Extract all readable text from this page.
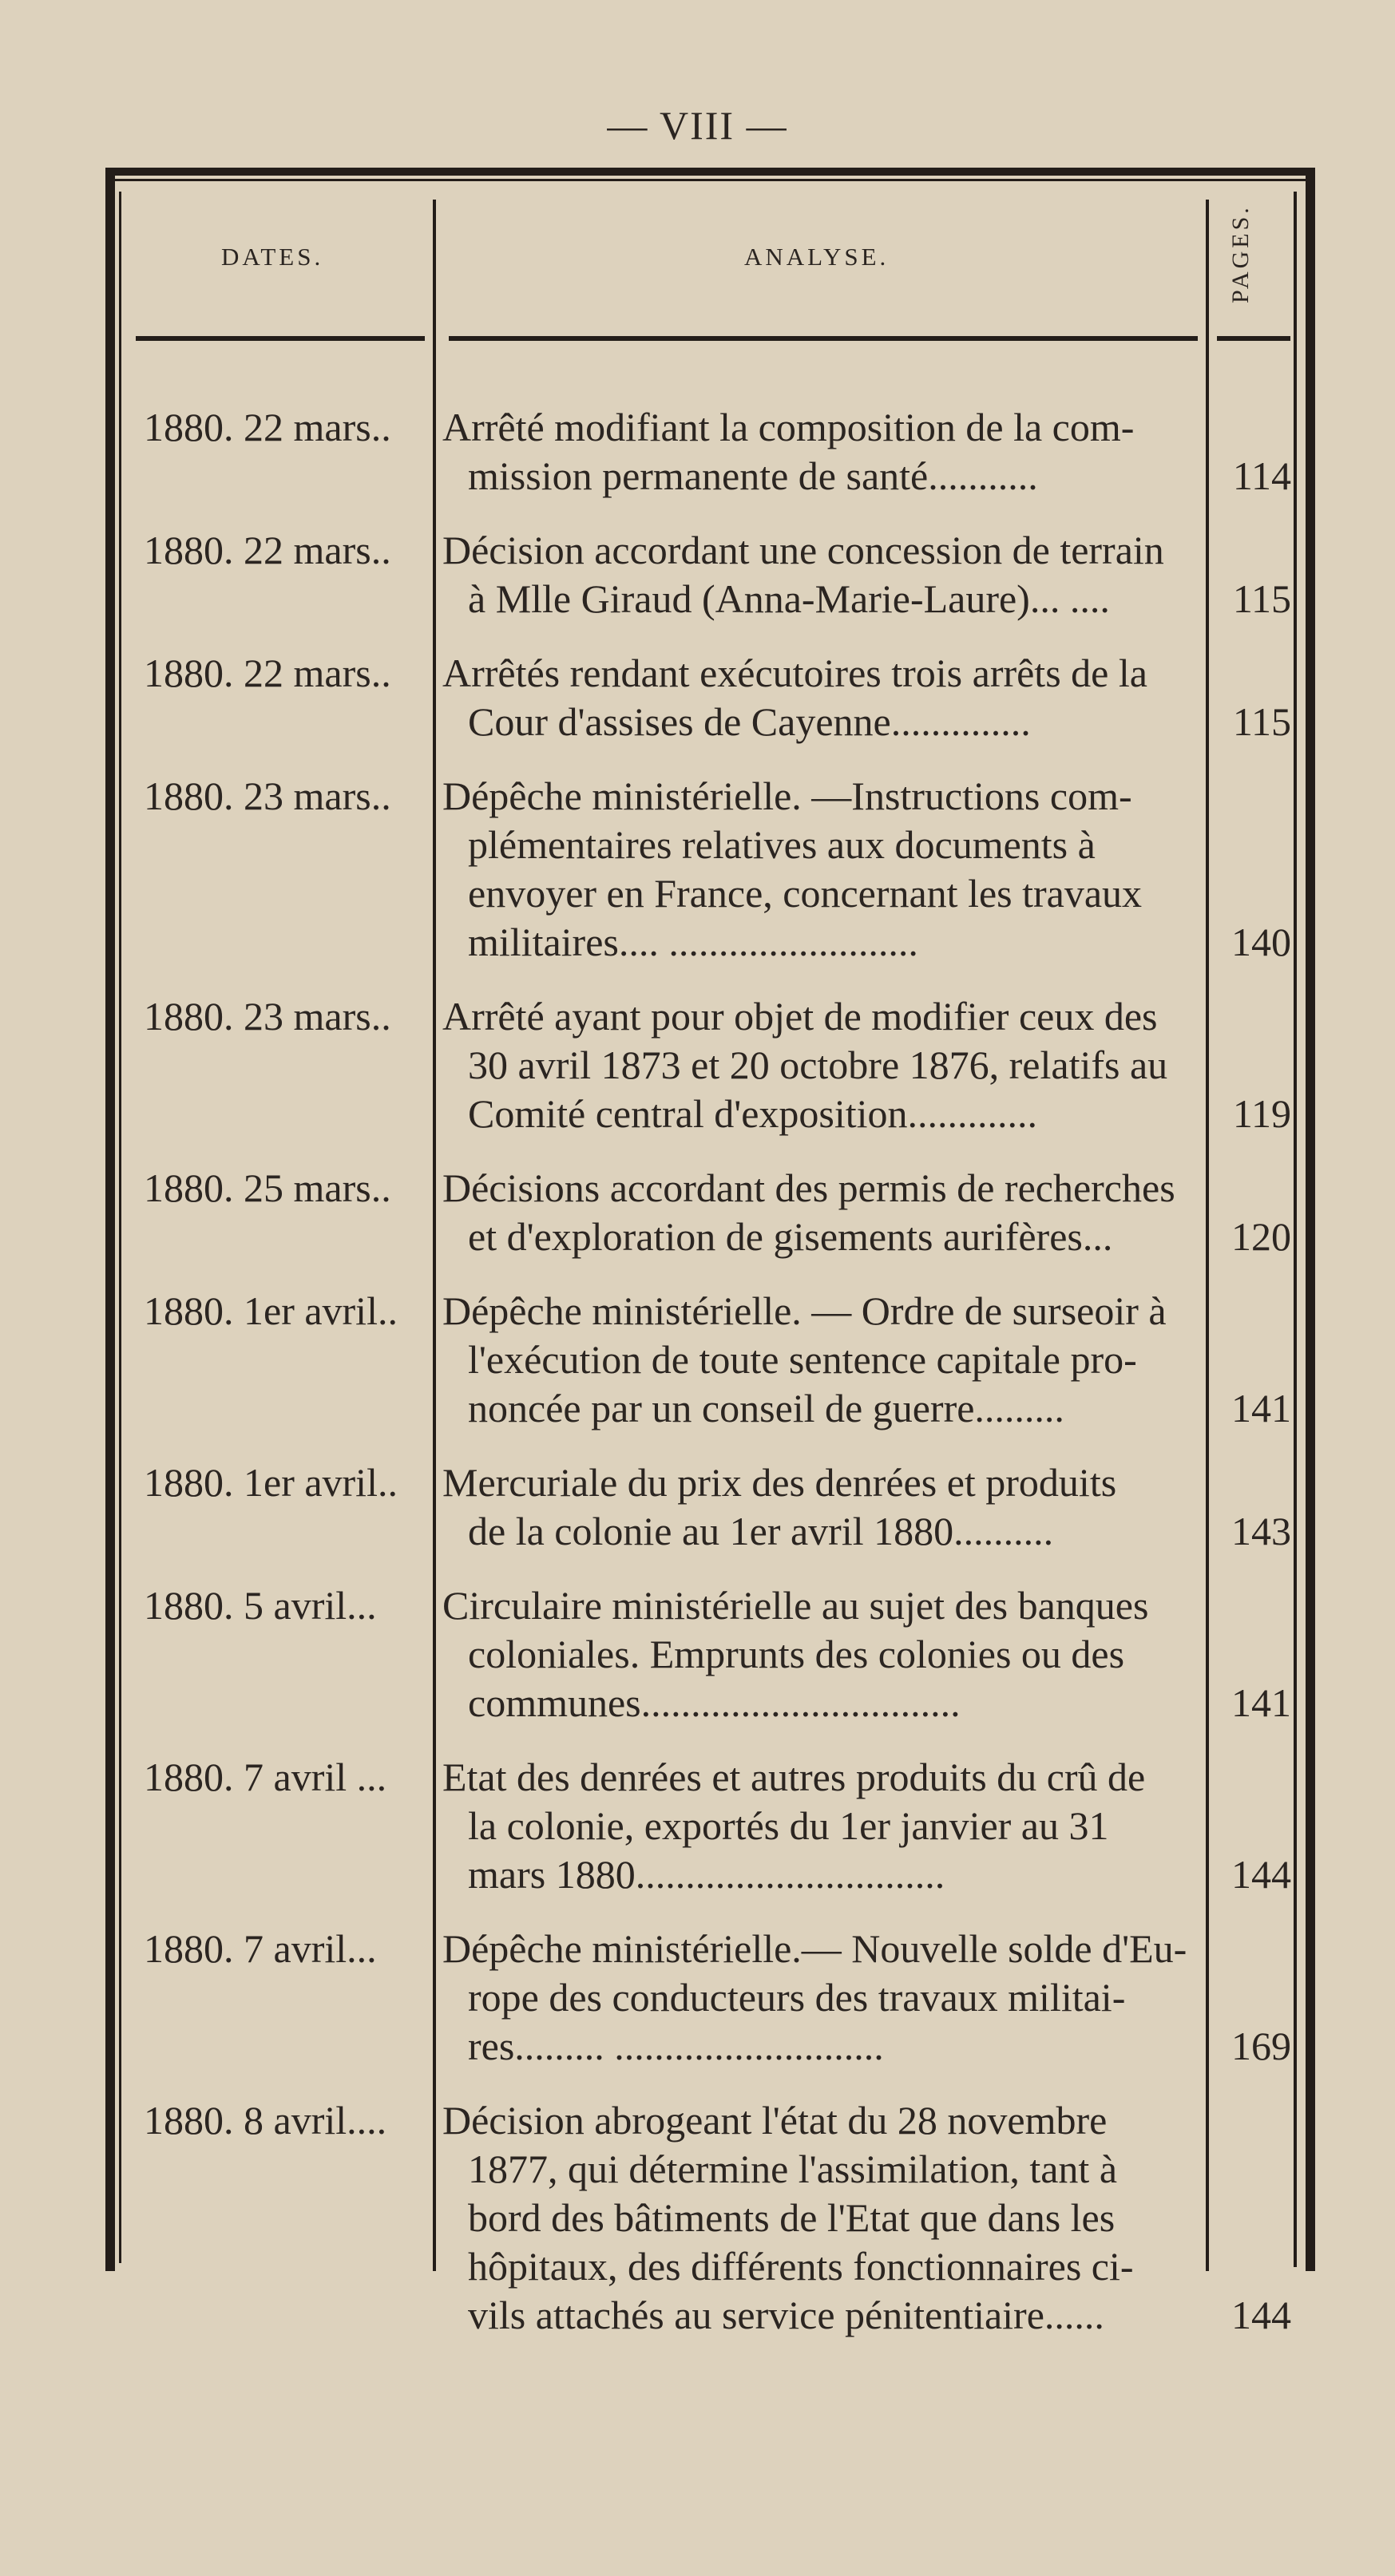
— VIII —
DATES.	ANALYSE.	PAGES.
1880. 22 mars..	Arrêté modifiant la composition de la com-
mission permanente de santé...........	114
1880. 22 mars..	Décision accordant une concession de terrain
à Mlle Giraud (Anna-Marie-Laure)... ....	115
1880. 22 mars..	Arrêtés rendant exécutoires trois arrêts de la
Cour d'assises de Cayenne..............	115
1880. 23 mars..	Dépêche ministérielle. —Instructions com-
plémentaires relatives aux documents à
envoyer en France, concernant les travaux
militaires.... .........................	140
1880. 23 mars..	Arrêté ayant pour objet de modifier ceux des
30 avril 1873 et 20 octobre 1876, relatifs au
Comité central d'exposition.............	119
1880. 25 mars..	Décisions accordant des permis de recherches
et d'exploration de gisements aurifères...	120
1880. 1er avril..	Dépêche ministérielle. — Ordre de surseoir à
l'exécution de toute sentence capitale pro-
noncée par un conseil de guerre.........	141
1880. 1er avril..	Mercuriale du prix des denrées et produits
de la colonie au 1er avril 1880..........	143
1880. 5 avril...	Circulaire ministérielle au sujet des banques
coloniales. Emprunts des colonies ou des
communes................................	141
1880. 7 avril ...	Etat des denrées et autres produits du crû de
la colonie, exportés du 1er janvier au 31
mars 1880...............................	144
1880. 7 avril...	Dépêche ministérielle.— Nouvelle solde d'Eu-
rope des conducteurs des travaux militai-
res......... ...........................	169
1880. 8 avril....	Décision abrogeant l'état du 28 novembre
1877, qui détermine l'assimilation, tant à
bord des bâtiments de l'Etat que dans les
hôpitaux, des différents fonctionnaires ci-
vils attachés au service pénitentiaire......	144
